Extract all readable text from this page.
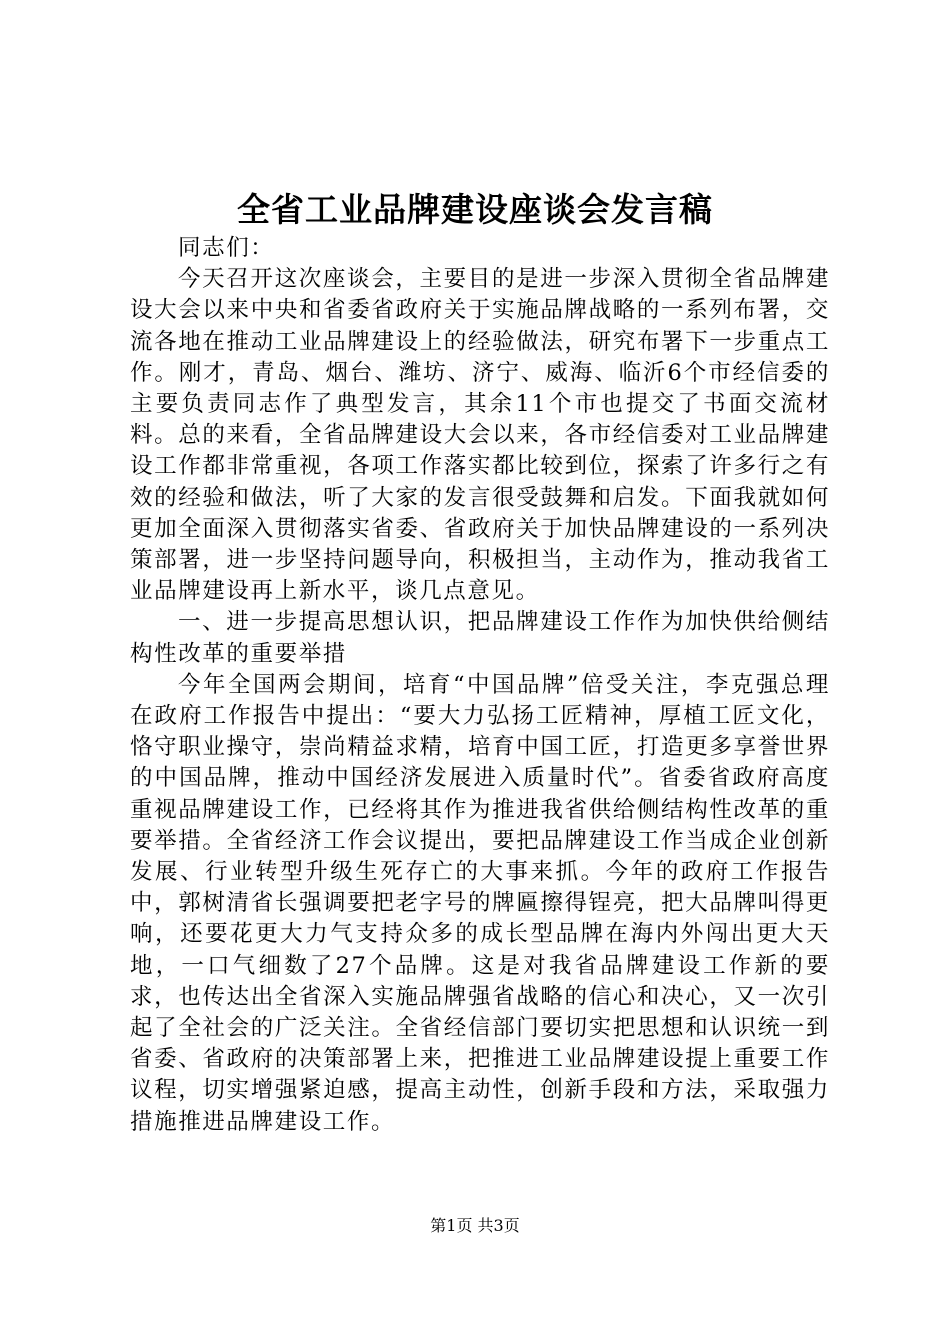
全省工业品牌建设座谈会发言稿

同志们：

今天召开这次座谈会，主要目的是进一步深入贯彻全省品牌建设大会以来中央和省委省政府关于实施品牌战略的一系列布署，交流各地在推动工业品牌建设上的经验做法，研究布署下一步重点工作。刚才，青岛、烟台、潍坊、济宁、威海、临沂6个市经信委的主要负责同志作了典型发言，其余11个市也提交了书面交流材料。总的来看，全省品牌建设大会以来，各市经信委对工业品牌建设工作都非常重视，各项工作落实都比较到位，探索了许多行之有效的经验和做法，听了大家的发言很受鼓舞和启发。下面我就如何更加全面深入贯彻落实省委、省政府关于加快品牌建设的一系列决策部署，进一步坚持问题导向，积极担当，主动作为，推动我省工业品牌建设再上新水平，谈几点意见。

一、进一步提高思想认识，把品牌建设工作作为加快供给侧结构性改革的重要举措

今年全国两会期间，培育“中国品牌”倍受关注，李克强总理在政府工作报告中提出：“要大力弘扬工匠精神，厚植工匠文化，恪守职业操守，崇尚精益求精，培育中国工匠，打造更多享誉世界的中国品牌，推动中国经济发展进入质量时代”。省委省政府高度重视品牌建设工作，已经将其作为推进我省供给侧结构性改革的重要举措。全省经济工作会议提出，要把品牌建设工作当成企业创新发展、行业转型升级生死存亡的大事来抓。今年的政府工作报告中，郭树清省长强调要把老字号的牌匾擦得锃亮，把大品牌叫得更响，还要花更大力气支持众多的成长型品牌在海内外闯出更大天地，一口气细数了27个品牌。这是对我省品牌建设工作新的要求，也传达出全省深入实施品牌强省战略的信心和决心，又一次引起了全社会的广泛关注。全省经信部门要切实把思想和认识统一到省委、省政府的决策部署上来，把推进工业品牌建设提上重要工作议程，切实增强紧迫感，提高主动性，创新手段和方法，采取强力措施推进品牌建设工作。

第1页 共3页
